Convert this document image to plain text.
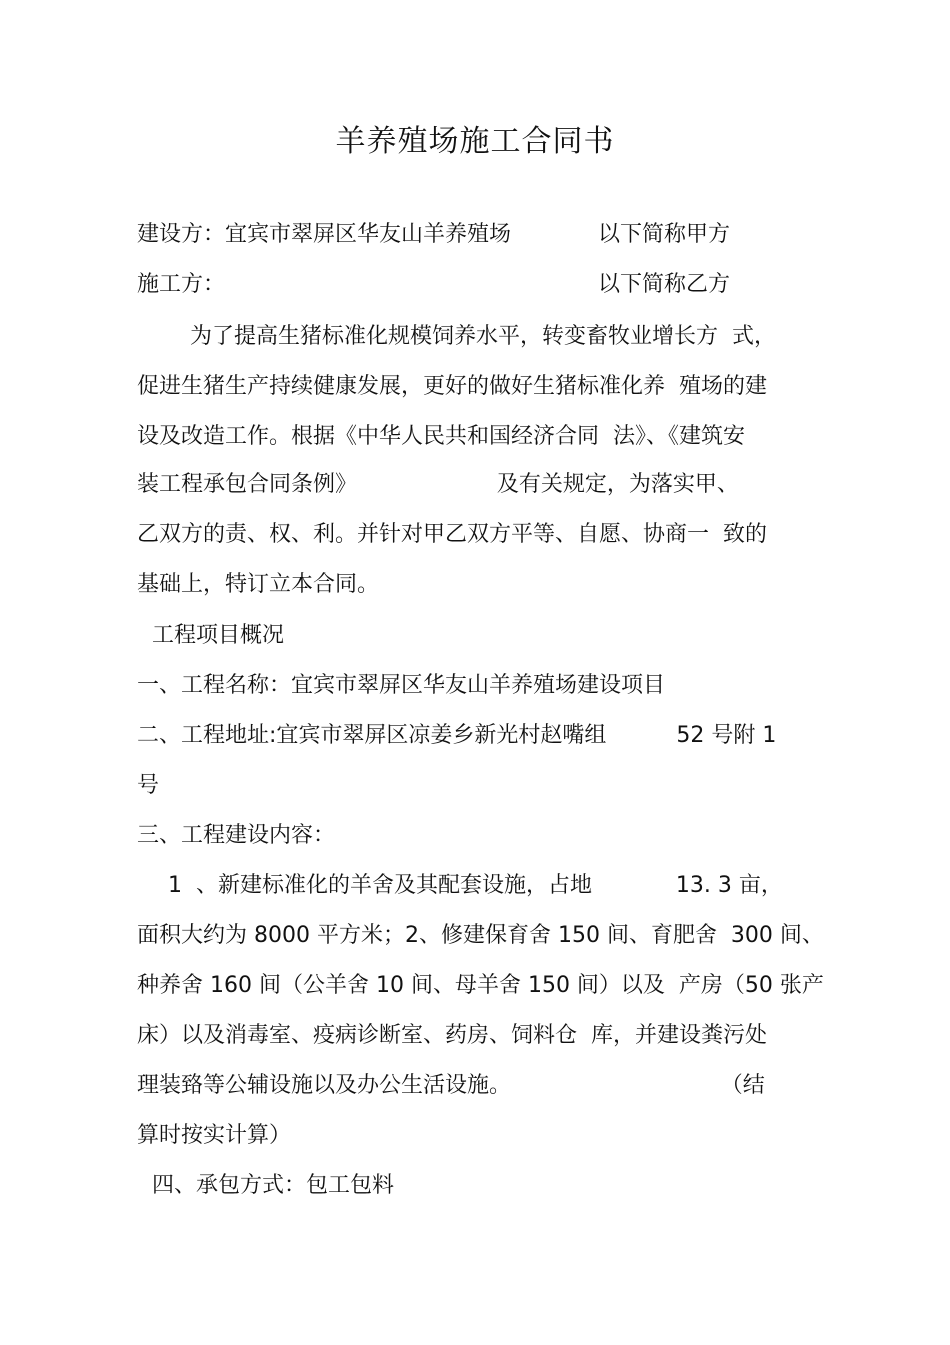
羊养殖场施工合同书
建设方：宜宾市翠屏区华友山羊养殖场	以下简称甲方
施工方：	以下简称乙方
为了提高生猪标准化规模饲养水平，转变畜牧业增长方  式，
促进生猪生产持续健康发展，更好的做好生猪标准化养  殖场的建
设及改造工作。根据《中华人民共和国经济合同  法》、《建筑安
装工程承包合同条例》                    及有关规定，为落实甲、
乙双方的责、权、利。并针对甲乙双方平等、自愿、协商一  致的
基础上，特订立本合同。
工程项目概况
一、工程名称：宜宾市翠屏区华友山羊养殖场建设项目
二、工程地址:宜宾市翠屏区凉姜乡新光村赵嘴组          52 号附 1
号
三、工程建设内容：
1  、新建标准化的羊舍及其配套设施，占地            13. 3 亩，
面积大约为 8000 平方米；2、修建保育舍 150 间、育肥舍  300 间、
种养舍 160 间（公羊舍 10 间、母羊舍 150 间）以及  产房（50 张产
床）以及消毒室、疫病诊断室、药房、饲料仓  库，并建设粪污处
理装臵等公辅设施以及办公生活设施。                              （结
算时按实计算）
四、承包方式：包工包料
